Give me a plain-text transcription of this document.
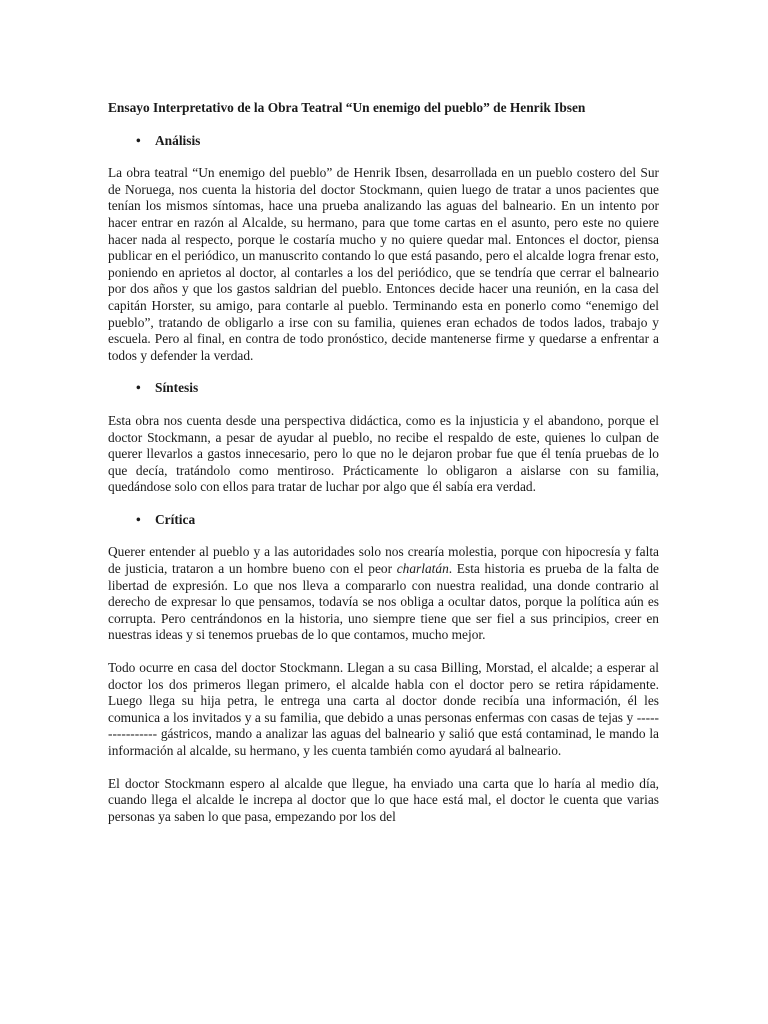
Ensayo Interpretativo de la Obra Teatral “Un enemigo del pueblo” de Henrik Ibsen

• Análisis

La obra teatral “Un enemigo del pueblo” de Henrik Ibsen, desarrollada en un pueblo costero del Sur de Noruega, nos cuenta la historia del doctor Stockmann, quien luego de tratar a unos pacientes que tenían los mismos síntomas, hace una prueba analizando las aguas del balneario. En un intento por hacer entrar en razón al Alcalde, su hermano, para que tome cartas en el asunto, pero este no quiere hacer nada al respecto, porque le costaría mucho y no quiere quedar mal. Entonces el doctor, piensa publicar en el periódico, un manuscrito contando lo que está pasando, pero el alcalde logra frenar esto, poniendo en aprietos al doctor, al contarles a los del periódico, que se tendría que cerrar el balneario por dos años y que los gastos saldrian del pueblo. Entonces decide hacer una reunión, en la casa del capitán Horster, su amigo, para contarle al pueblo. Terminando esta en ponerlo como “enemigo del pueblo”, tratando de obligarlo a irse con su familia, quienes eran echados de todos lados, trabajo y escuela. Pero al final, en contra de todo pronóstico, decide mantenerse firme y quedarse a enfrentar a todos y defender la verdad.

• Síntesis

Esta obra nos cuenta desde una perspectiva didáctica, como es la injusticia y el abandono, porque el doctor Stockmann, a pesar de ayudar al pueblo, no recibe el respaldo de este, quienes lo culpan de querer llevarlos a gastos innecesario, pero lo que no le dejaron probar fue que él tenía pruebas de lo que decía, tratándolo como mentiroso. Prácticamente lo obligaron a aislarse con su familia, quedándose solo con ellos para tratar de luchar por algo que él sabía era verdad.

• Crítica

Querer entender al pueblo y a las autoridades solo nos crearía molestia, porque con hipocresía y falta de justicia, trataron a un hombre bueno con el peor charlatán. Esta historia es prueba de la falta de libertad de expresión. Lo que nos lleva a compararlo con nuestra realidad, una donde contrario al derecho de expresar lo que pensamos, todavía se nos obliga a ocultar datos, porque la política aún es corrupta. Pero centrándonos en la historia, uno siempre tiene que ser fiel a sus principios, creer en nuestras ideas y si tenemos pruebas de lo que contamos, mucho mejor.

Todo ocurre en casa del doctor Stockmann. Llegan a su casa Billing, Morstad, el alcalde; a esperar al doctor los dos primeros llegan primero, el alcalde habla con el doctor pero se retira rápidamente. Luego llega su hija petra, le entrega una carta al doctor donde recibía una información, él les comunica a los invitados y a su familia, que debido a unas personas enfermas con casas de tejas y ---------------- gástricos, mando a analizar las aguas del balneario y salió que está contaminad, le mando la información al alcalde, su hermano, y les cuenta también como ayudará al balneario.

El doctor Stockmann espero al alcalde que llegue, ha enviado una carta que lo haría al medio día, cuando llega el alcalde le increpa al doctor que lo que hace está mal, el doctor le cuenta que varias personas ya saben lo que pasa, empezando por los del
